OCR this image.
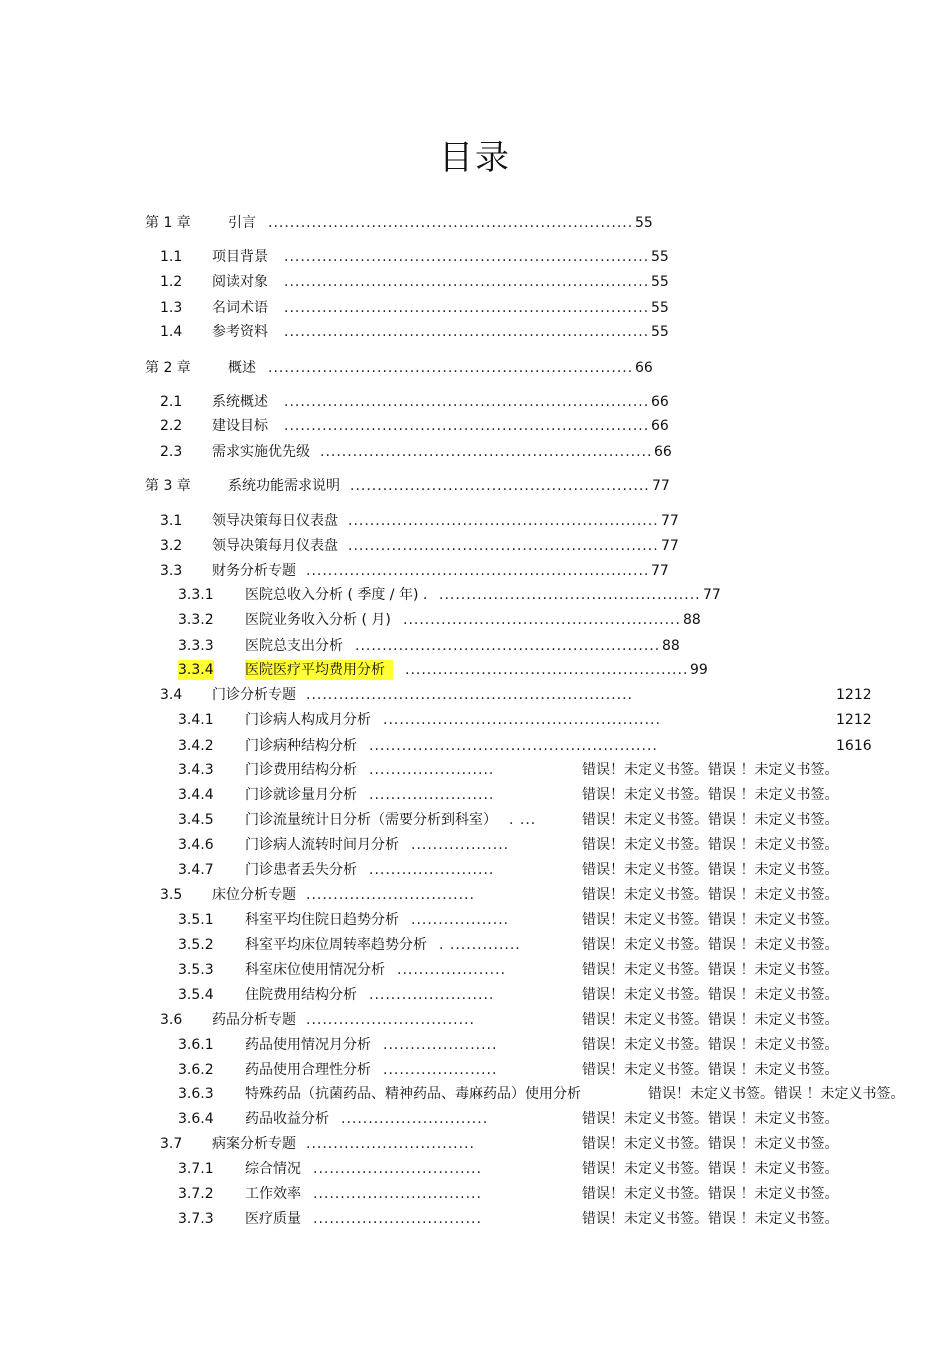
目录
第 1 章	引言 ................................................................... 55
1.1 项目背景 ................................................................... 55
1.2 阅读对象 ................................................................... 55
1.3 名词术语 ................................................................... 55
1.4 参考资料 ................................................................... 55
第 2 章	概述 ................................................................... 66
2.1 系统概述 ................................................................... 66
2.2 建设目标 ................................................................... 66
2.3 需求实施优先级 ............................................................. 66
第 3 章	系统功能需求说明 ....................................................... 77
3.1 领导决策每日仪表盘 ......................................................... 77
3.2 领导决策每月仪表盘 ......................................................... 77
3.3 财务分析专题 ............................................................... 77
3.3.1 医院总收入分析 ( 季度 / 年) . ................................................ 77
3.3.2 医院业务收入分析 ( 月) ................................................... 88
3.3.3 医院总支出分析 ........................................................ 88
3.3.4 医院医疗平均费用分析	.................................................... 99
3.4 门诊分析专题 ............................................................	1212
3.4.1 门诊病人构成月分析 ...................................................	1212
3.4.2 门诊病种结构分析 .....................................................	1616
3.4.3 门诊费用结构分析 .......................	错误！未定义书签。错误 ！未定义书签。
3.4.4 门诊就诊量月分析 .......................	错误！未定义书签。错误 ！未定义书签。
3.4.5 门诊流量统计日分析（需要分析到科室） . ...	错误！未定义书签。错误 ！未定义书签。
3.4.6 门诊病人流转时间月分析 ..................	错误！未定义书签。错误 ！未定义书签。
3.4.7 门诊患者丢失分析 .......................	错误！未定义书签。错误 ！未定义书签。
3.5 床位分析专题 ...............................	错误！未定义书签。错误 ！未定义书签。
3.5.1 科室平均住院日趋势分析 ..................	错误！未定义书签。错误 ！未定义书签。
3.5.2 科室平均床位周转率趋势分析 . .............	错误！未定义书签。错误 ！未定义书签。
3.5.3 科室床位使用情况分析 ....................	错误！未定义书签。错误 ！未定义书签。
3.5.4 住院费用结构分析 .......................	错误！未定义书签。错误 ！未定义书签。
3.6 药品分析专题 ...............................	错误！未定义书签。错误 ！未定义书签。
3.6.1 药品使用情况月分析 .....................	错误！未定义书签。错误 ！未定义书签。
3.6.2 药品使用合理性分析 .....................	错误！未定义书签。错误 ！未定义书签。
3.6.3 特殊药品（抗菌药品、精神药品、毒麻药品）使用分析	错误！未定义书签。错误 ！未定义书签。
3.6.4 药品收益分析 ...........................	错误！未定义书签。错误 ！未定义书签。
3.7 病案分析专题 ...............................	错误！未定义书签。错误 ！未定义书签。
3.7.1 综合情况 ...............................	错误！未定义书签。错误 ！未定义书签。
3.7.2 工作效率 ...............................	错误！未定义书签。错误 ！未定义书签。
3.7.3 医疗质量 ...............................	错误！未定义书签。错误 ！未定义书签。
